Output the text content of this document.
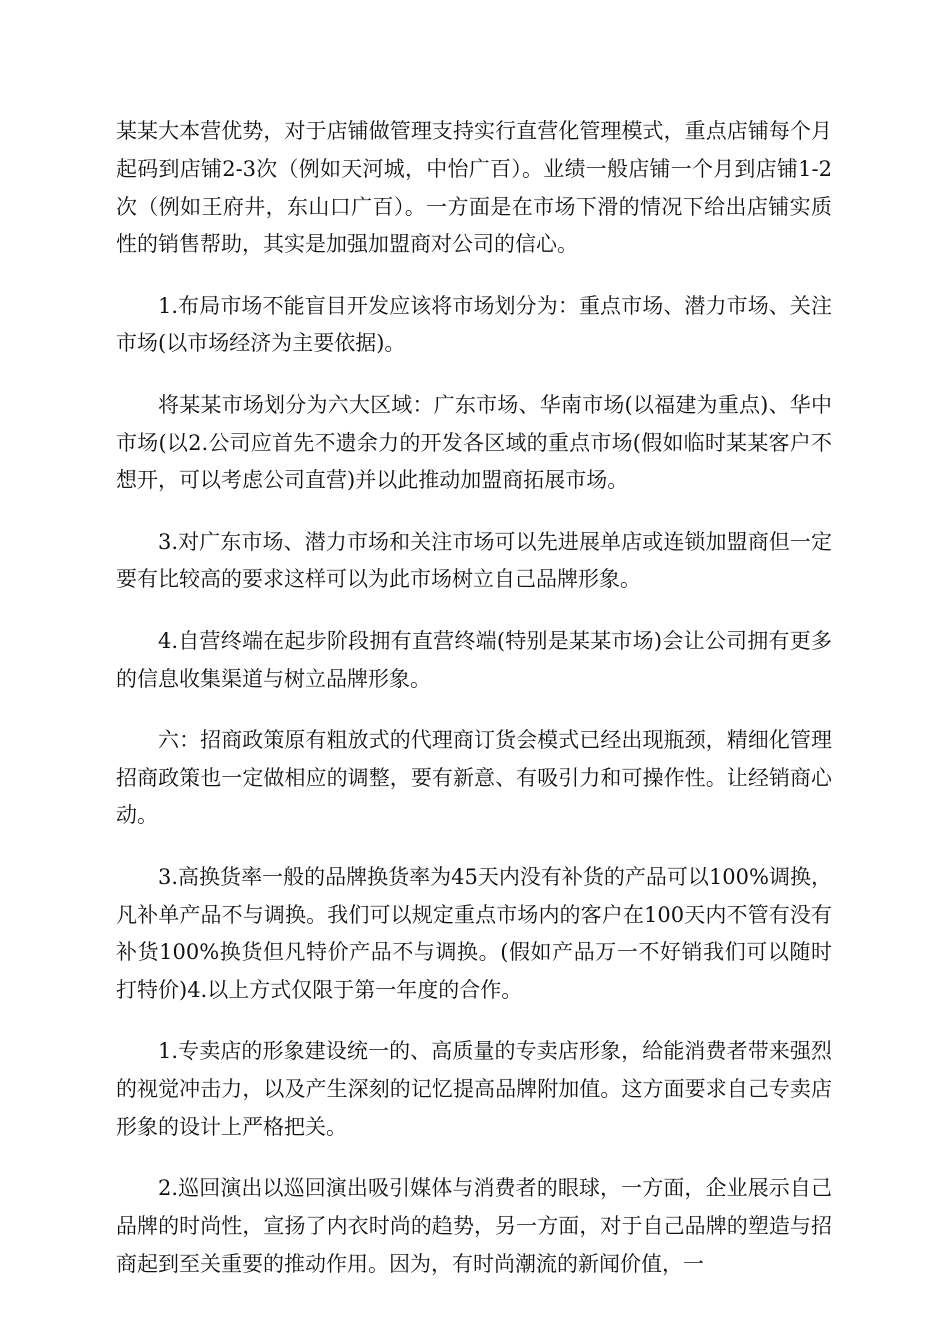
某某大本营优势，对于店铺做管理支持实行直营化管理模式，重点店铺每个月起码到店铺2-3次（例如天河城，中怡广百）。业绩一般店铺一个月到店铺1-2次（例如王府井，东山口广百）。一方面是在市场下滑的情况下给出店铺实质性的销售帮助，其实是加强加盟商对公司的信心。

1.布局市场不能盲目开发应该将市场划分为：重点市场、潜力市场、关注市场(以市场经济为主要依据)。

将某某市场划分为六大区域：广东市场、华南市场(以福建为重点)、华中市场(以2.公司应首先不遗余力的开发各区域的重点市场(假如临时某某客户不想开，可以考虑公司直营)并以此推动加盟商拓展市场。

3.对广东市场、潜力市场和关注市场可以先进展单店或连锁加盟商但一定要有比较高的要求这样可以为此市场树立自己品牌形象。

4.自营终端在起步阶段拥有直营终端(特别是某某市场)会让公司拥有更多的信息收集渠道与树立品牌形象。

六：招商政策原有粗放式的代理商订货会模式已经出现瓶颈，精细化管理招商政策也一定做相应的调整，要有新意、有吸引力和可操作性。让经销商心动。

3.高换货率一般的品牌换货率为45天内没有补货的产品可以100%调换，凡补单产品不与调换。我们可以规定重点市场内的客户在100天内不管有没有补货100%换货但凡特价产品不与调换。(假如产品万一不好销我们可以随时打特价)4.以上方式仅限于第一年度的合作。

1.专卖店的形象建设统一的、高质量的专卖店形象，给能消费者带来强烈的视觉冲击力，以及产生深刻的记忆提高品牌附加值。这方面要求自己专卖店形象的设计上严格把关。

2.巡回演出以巡回演出吸引媒体与消费者的眼球，一方面，企业展示自己品牌的时尚性，宣扬了内衣时尚的趋势，另一方面，对于自己品牌的塑造与招商起到至关重要的推动作用。因为，有时尚潮流的新闻价值，一
